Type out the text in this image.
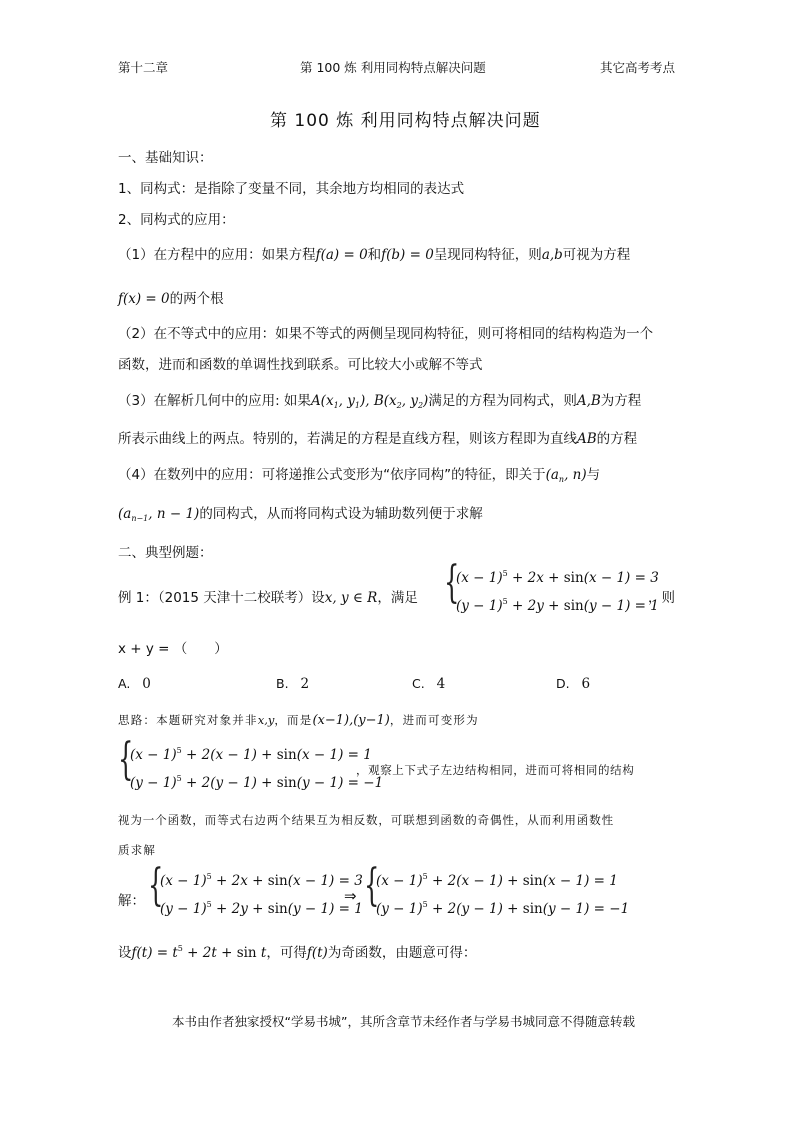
第十二章	第 100 炼 利用同构特点解决问题	其它高考考点
第 100 炼 利用同构特点解决问题
一、基础知识：
1、同构式：是指除了变量不同，其余地方均相同的表达式
2、同构式的应用：
（1）在方程中的应用：如果方程f(a) = 0和f(b) = 0呈现同构特征，则a,b可视为方程
f(x) = 0的两个根
（2）在不等式中的应用：如果不等式的两侧呈现同构特征，则可将相同的结构构造为一个
函数，进而和函数的单调性找到联系。可比较大小或解不等式
（3）在解析几何中的应用: 如果$A(x_1$, $y_1$), $B(x_2$, $y_2$)满足的方程为同构式，则A,B为方程
所表示曲线上的两点。特别的，若满足的方程是直线方程，则该方程即为直线AB的方程
（4）在数列中的应用：可将递推公式变形为“依序同构”的特征，即关于($a_n$, n)与
($a_{n-1}$, n − 1)的同构式，从而将同构式设为辅助数列便于求解
二、典型例题：
例 1：（2015 天津十二校联考）设x, y ∈ R，满足 {
$(x - 1)^5 + 2x + \sin(x - 1) = 3$
$(y - 1)^5 + 2y + \sin(y - 1) = 1$
，则
x + y = （　　）
A. 0	B. 2	C. 4	D. 6
思路：本题研究对象并非x,y，而是(x−1),(y−1)，进而可变形为
{
$(x - 1)^5 + 2(x - 1) + \sin(x - 1) = 1$
$(y - 1)^5 + 2(y - 1) + \sin(y - 1) = -1$
，观察上下式子左边结构相同，进而可将相同的结构
视为一个函数，而等式右边两个结果互为相反数，可联想到函数的奇偶性，从而利用函数性
质求解
解： {
$(x - 1)^5 + 2x + \sin(x - 1) = 3$
$(y - 1)^5 + 2y + \sin(y - 1) = 1$
⇒ {
$(x - 1)^5 + 2(x - 1) + \sin(x - 1) = 1$
$(y - 1)^5 + 2(y - 1) + \sin(y - 1) = -1$
设$f(t) = t^5 + 2t + \sin t$，可得f(t)为奇函数，由题意可得：
本书由作者独家授权“学易书城”，其所含章节未经作者与学易书城同意不得随意转载
